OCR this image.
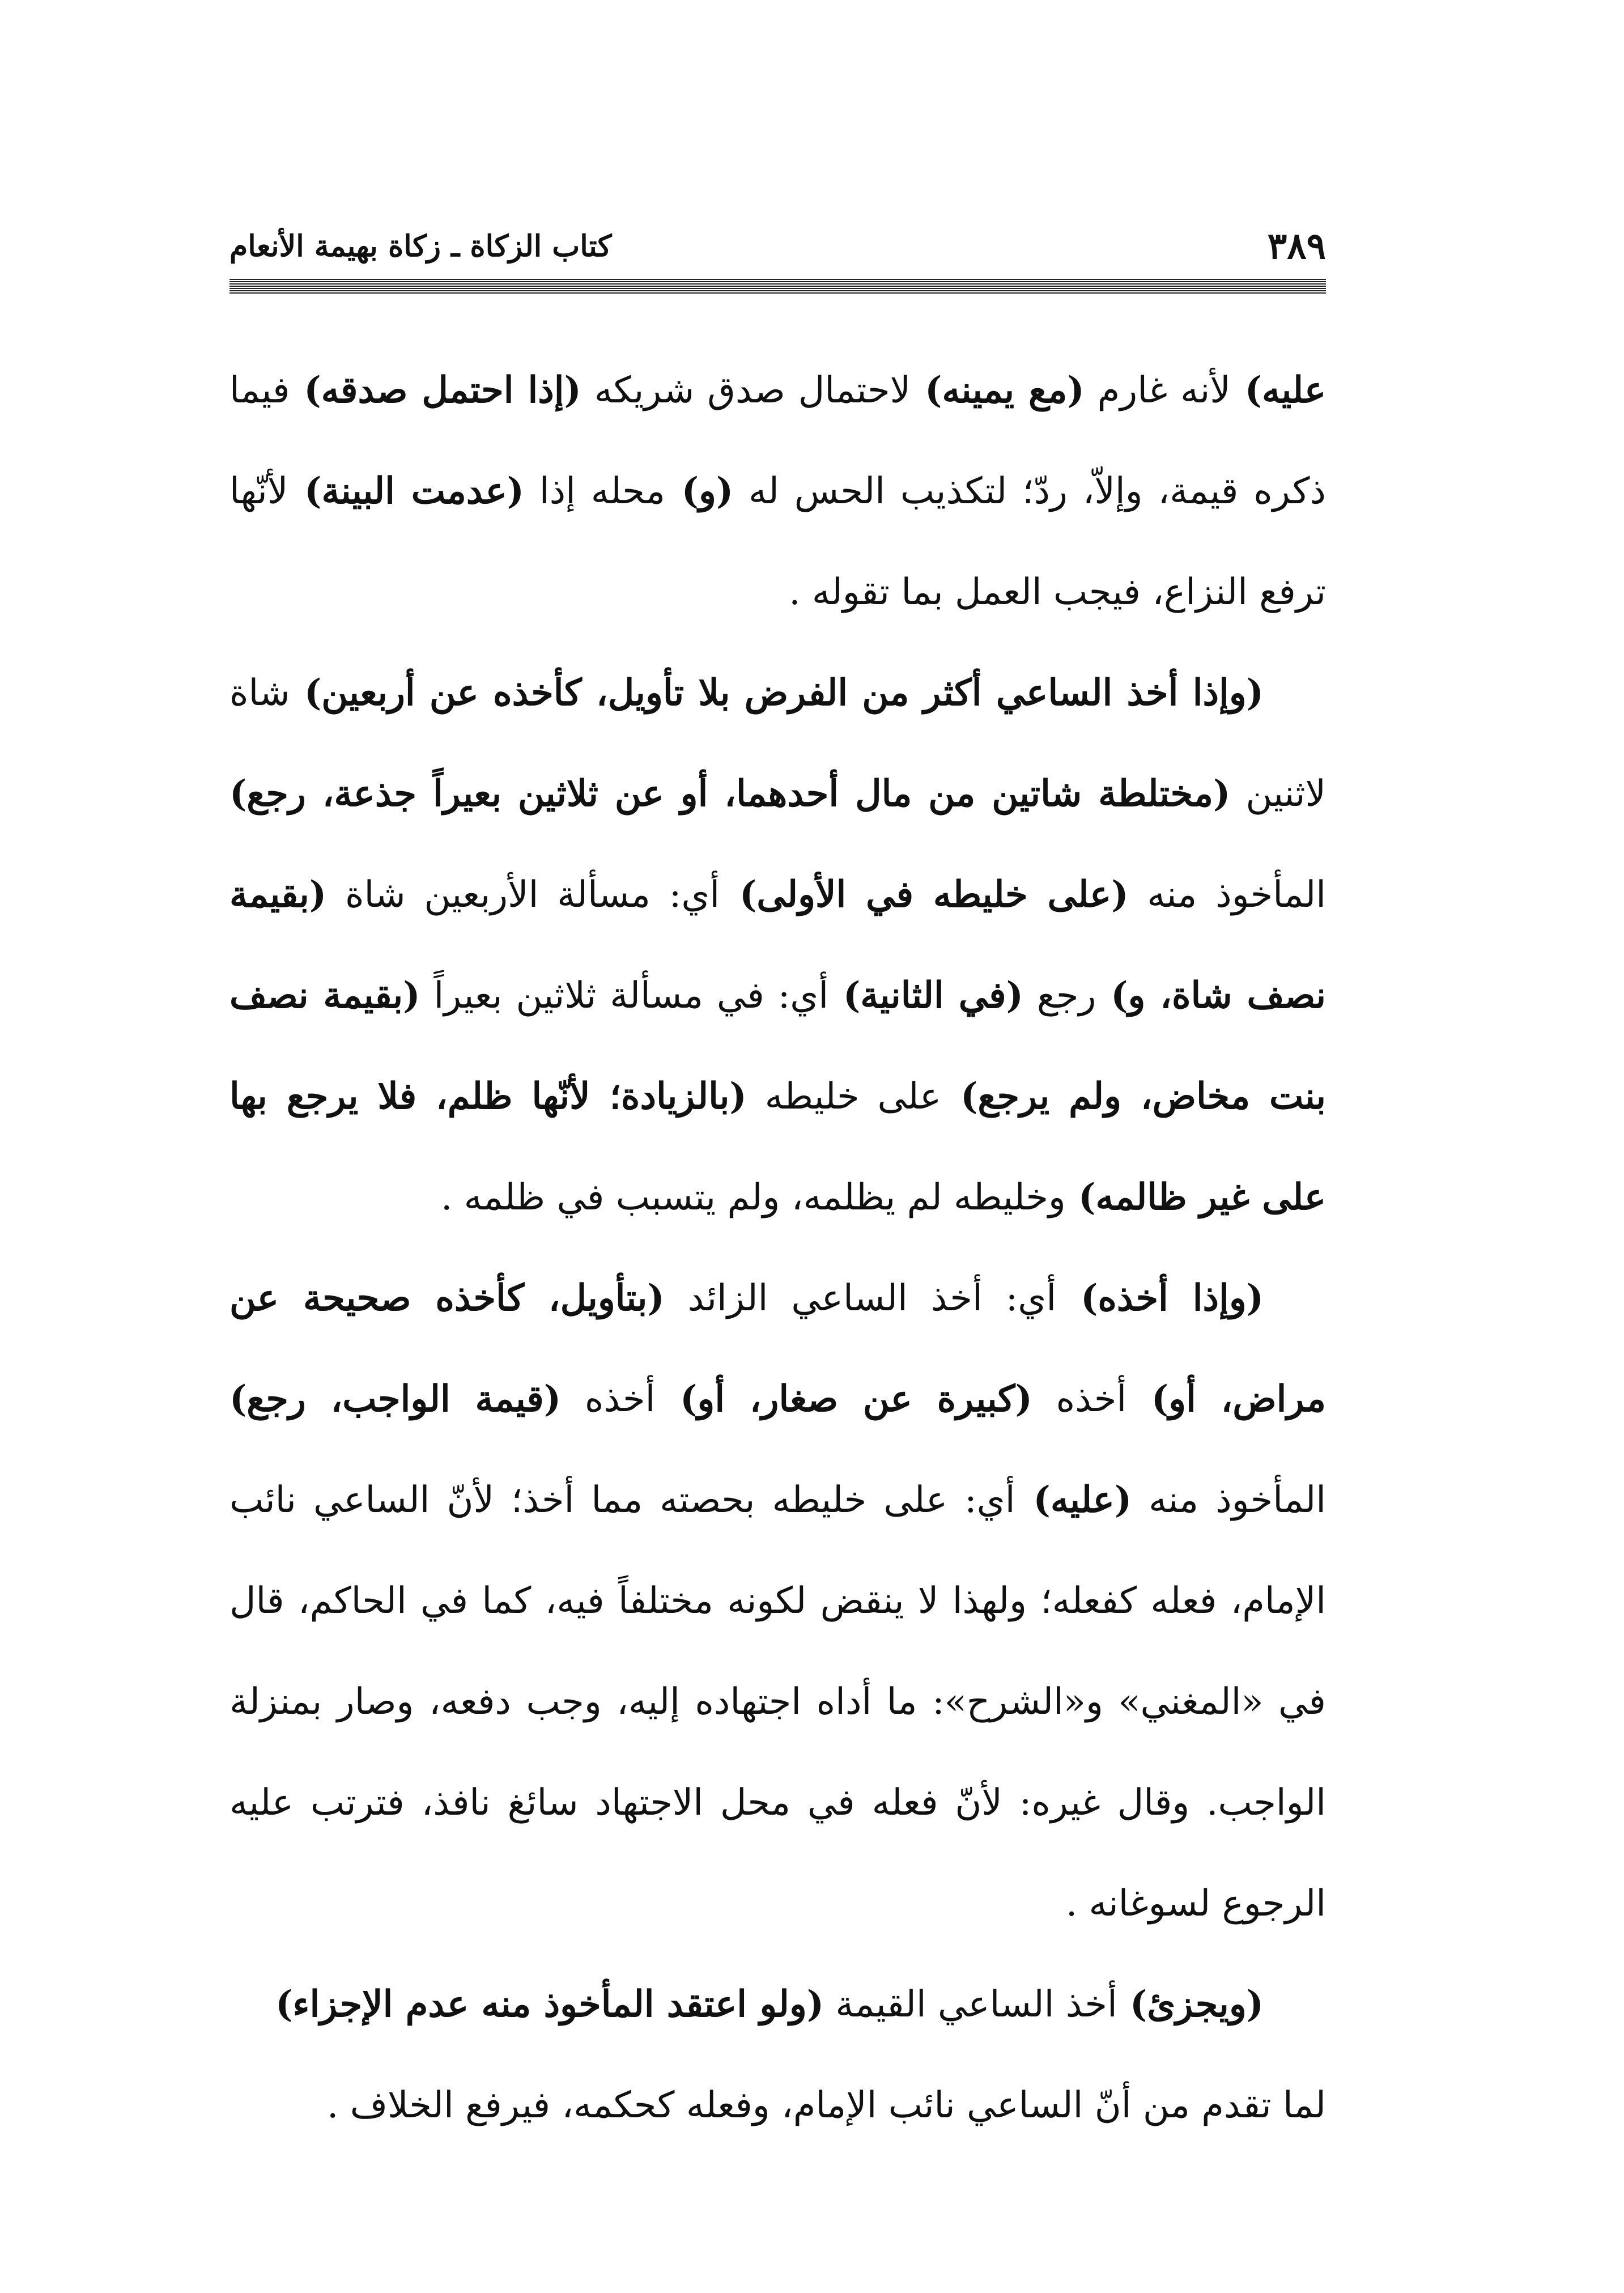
٣٨٩
كتاب الزكاة ـ زكاة بهيمة الأنعام

عليه) لأنه غارم (مع يمينه) لاحتمال صدق شريكه (إذا احتمل صدقه) فيما ذكره قيمة، وإلاّ، ردّ؛ لتكذيب الحس له (و) محله إذا (عدمت البينة) لأنّها ترفع النزاع، فيجب العمل بما تقوله .

(وإذا أخذ الساعي أكثر من الفرض بلا تأويل، كأخذه عن أربعين) شاة لاثنين (مختلطة شاتين من مال أحدهما، أو عن ثلاثين بعيراً جذعة، رجع) المأخوذ منه (على خليطه في الأولى) أي: مسألة الأربعين شاة (بقيمة نصف شاة، و) رجع (في الثانية) أي: في مسألة ثلاثين بعيراً (بقيمة نصف بنت مخاض، ولم يرجع) على خليطه (بالزيادة؛ لأنّها ظلم، فلا يرجع بها على غير ظالمه) وخليطه لم يظلمه، ولم يتسبب في ظلمه .

(وإذا أخذه) أي: أخذ الساعي الزائد (بتأويل، كأخذه صحيحة عن مراض، أو) أخذه (كبيرة عن صغار، أو) أخذه (قيمة الواجب، رجع) المأخوذ منه (عليه) أي: على خليطه بحصته مما أخذ؛ لأنّ الساعي نائب الإمام، فعله كفعله؛ ولهذا لا ينقض لكونه مختلفاً فيه، كما في الحاكم، قال في «المغني» و«الشرح»: ما أداه اجتهاده إليه، وجب دفعه، وصار بمنزلة الواجب. وقال غيره: لأنّ فعله في محل الاجتهاد سائغ نافذ، فترتب عليه الرجوع لسوغانه .

(ويجزئ) أخذ الساعي القيمة (ولو اعتقد المأخوذ منه عدم الإجزاء) لما تقدم من أنّ الساعي نائب الإمام، وفعله كحكمه، فيرفع الخلاف .
